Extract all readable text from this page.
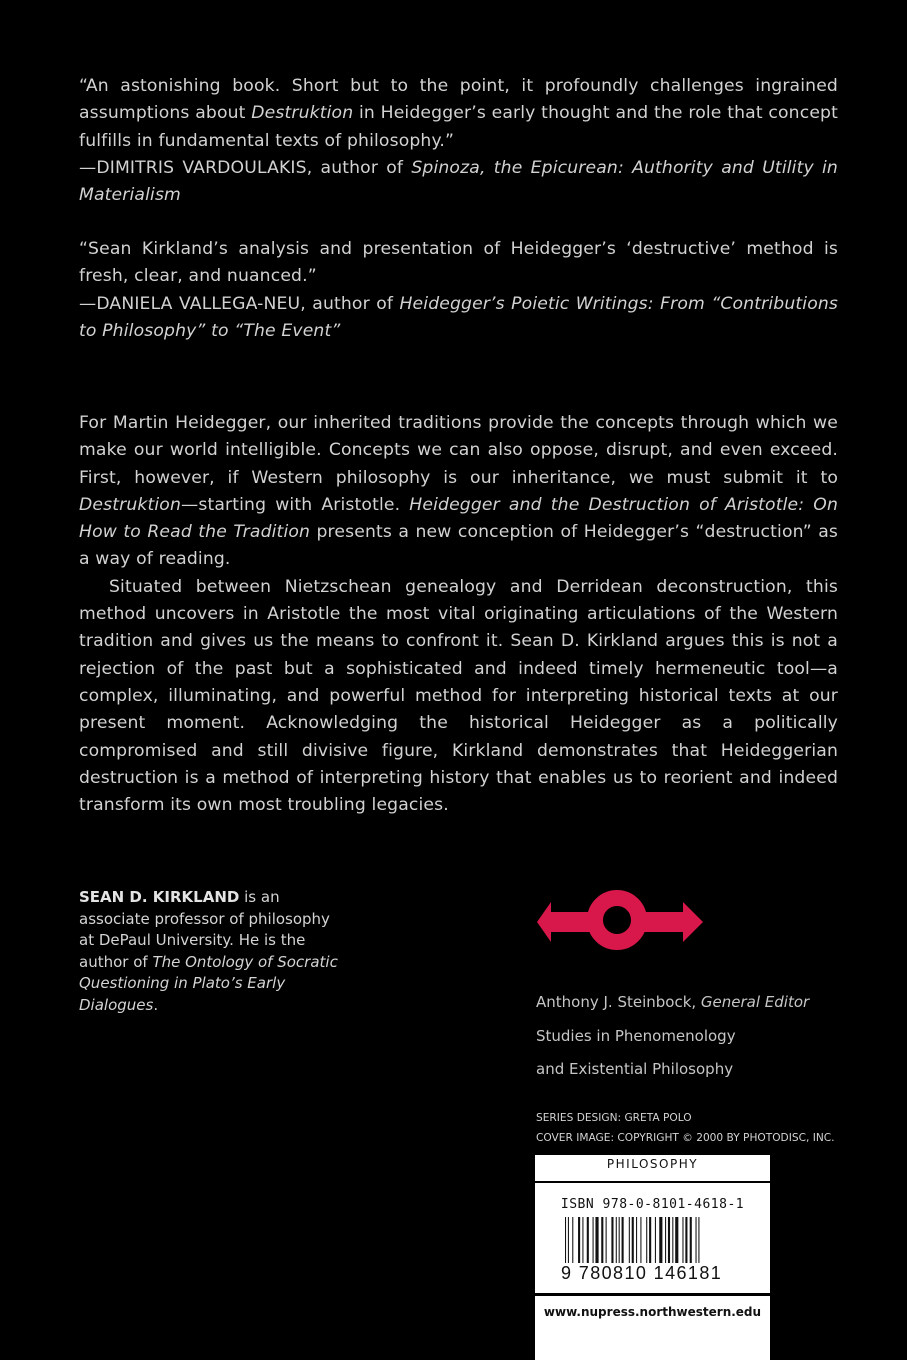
“An astonishing book. Short but to the point, it profoundly challenges ingrained assumptions about Destruktion in Heidegger’s early thought and the role that concept fulfills in fundamental texts of philosophy.”
—DIMITRIS VARDOULAKIS, author of Spinoza, the Epicurean: Authority and Utility in Materialism
“Sean Kirkland’s analysis and presentation of Heidegger’s ‘destructive’ method is fresh, clear, and nuanced.”
—DANIELA VALLEGA-NEU, author of Heidegger’s Poietic Writings: From “Contributions to Philosophy” to “The Event”

For Martin Heidegger, our inherited traditions provide the concepts through which we make our world intelligible. Concepts we can also oppose, disrupt, and even exceed. First, however, if Western philosophy is our inheritance, we must submit it to Destruktion—starting with Aristotle. Heidegger and the Destruction of Aristotle: On How to Read the Tradition presents a new conception of Heidegger’s “destruction” as a way of reading.

Situated between Nietzschean genealogy and Derridean deconstruction, this method uncovers in Aristotle the most vital originating articulations of the Western tradition and gives us the means to confront it. Sean D. Kirkland argues this is not a rejection of the past but a sophisticated and indeed timely hermeneutic tool—a complex, illuminating, and powerful method for interpreting historical texts at our present moment. Acknowledging the historical Heidegger as a politically compromised and still divisive figure, Kirkland demonstrates that Heideggerian destruction is a method of interpreting history that enables us to reorient and indeed transform its own most troubling legacies.

SEAN D. KIRKLAND is an associate professor of philosophy at DePaul University. He is the author of The Ontology of Socratic Questioning in Plato’s Early Dialogues.	Anthony J. Steinbock, General Editor
Studies in Phenomenology
and Existential Philosophy
SERIES DESIGN: GRETA POLO
COVER IMAGE: COPYRIGHT © 2000 BY PHOTODISC, INC.
PHILOSOPHY
ISBN 978-0-8101-4618-1
9 780810 146181
www.nupress.northwestern.edu
